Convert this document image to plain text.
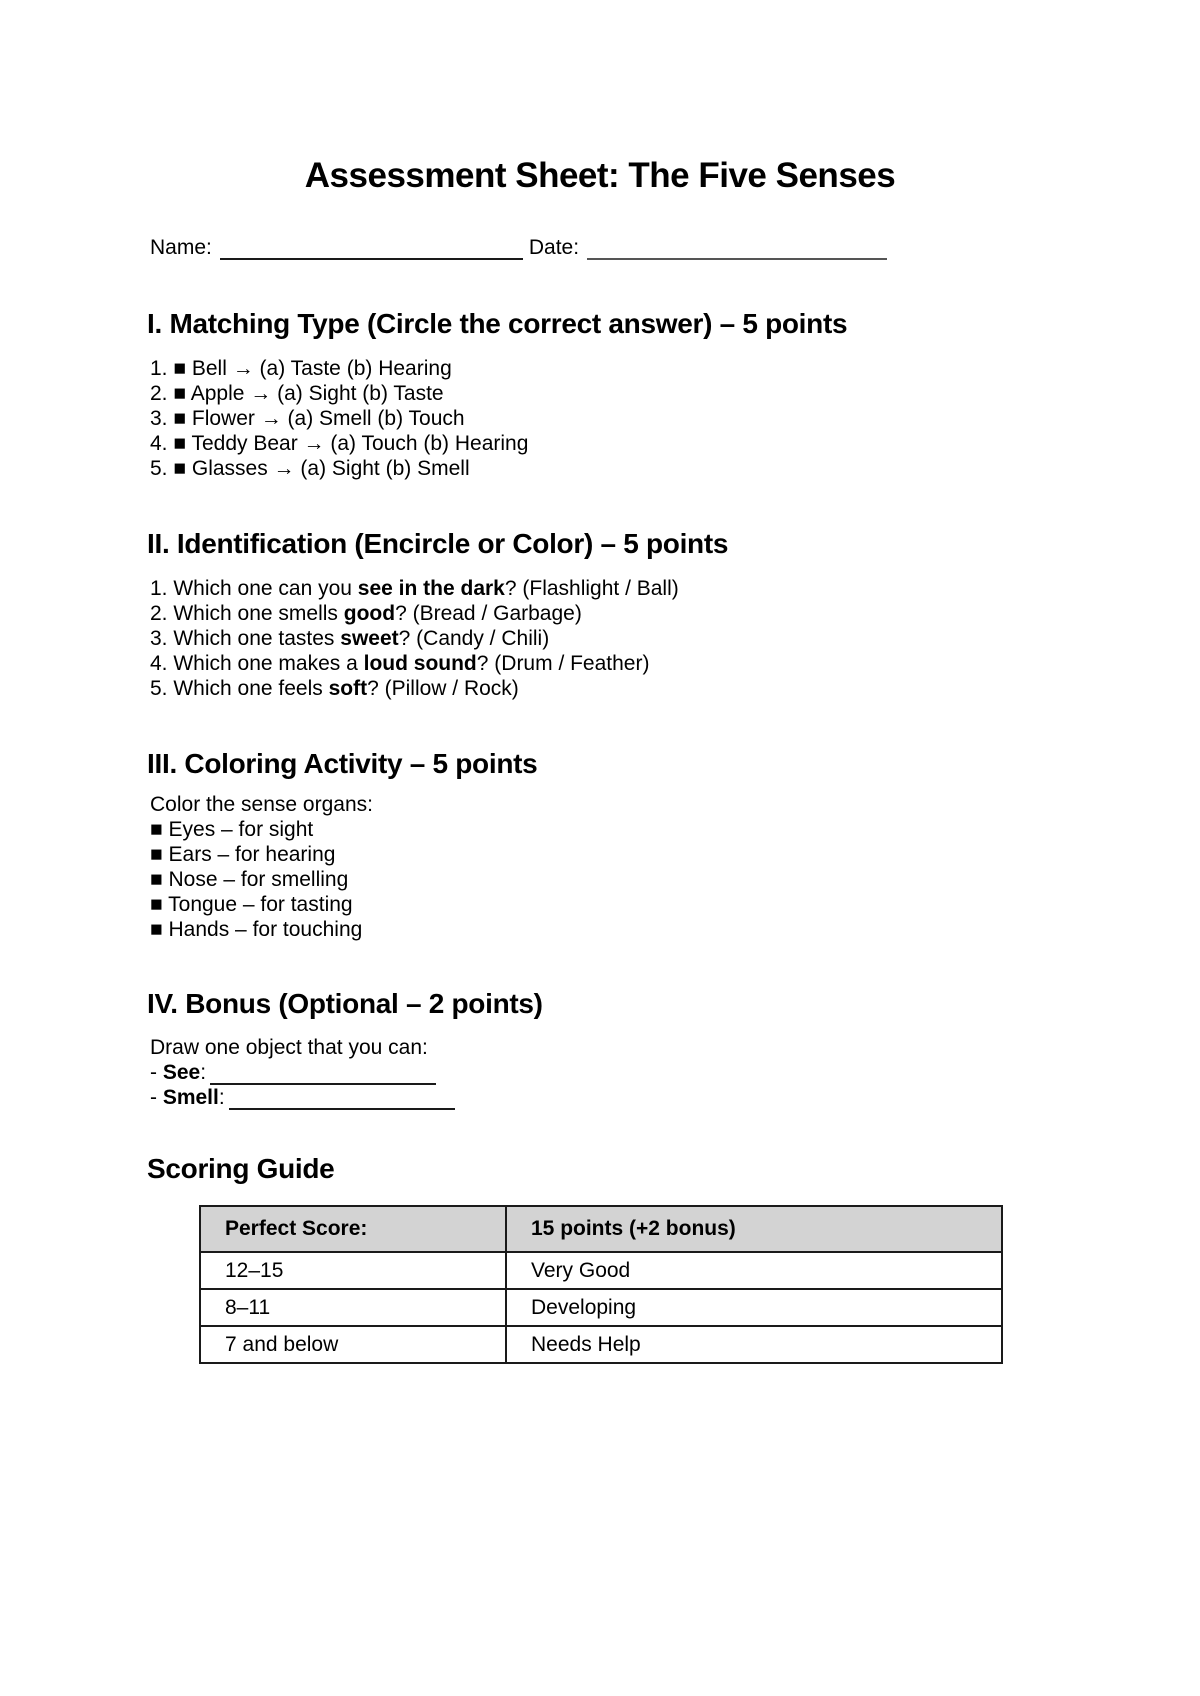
Assessment Sheet: The Five Senses
Name:	Date:
I. Matching Type (Circle the correct answer) – 5 points
1. ■ Bell → (a) Taste (b) Hearing
2. ■ Apple → (a) Sight (b) Taste
3. ■ Flower → (a) Smell (b) Touch
4. ■ Teddy Bear → (a) Touch (b) Hearing
5. ■ Glasses → (a) Sight (b) Smell
II. Identification (Encircle or Color) – 5 points
1. Which one can you see in the dark? (Flashlight / Ball)
2. Which one smells good? (Bread / Garbage)
3. Which one tastes sweet? (Candy / Chili)
4. Which one makes a loud sound? (Drum / Feather)
5. Which one feels soft? (Pillow / Rock)
III. Coloring Activity – 5 points
Color the sense organs:
■ Eyes – for sight
■ Ears – for hearing
■ Nose – for smelling
■ Tongue – for tasting
■ Hands – for touching
IV. Bonus (Optional – 2 points)
Draw one object that you can:
- See :
- Smell :
Scoring Guide
Perfect Score:	15 points (+2 bonus)
12–15	Very Good
8–11	Developing
7 and below	Needs Help
